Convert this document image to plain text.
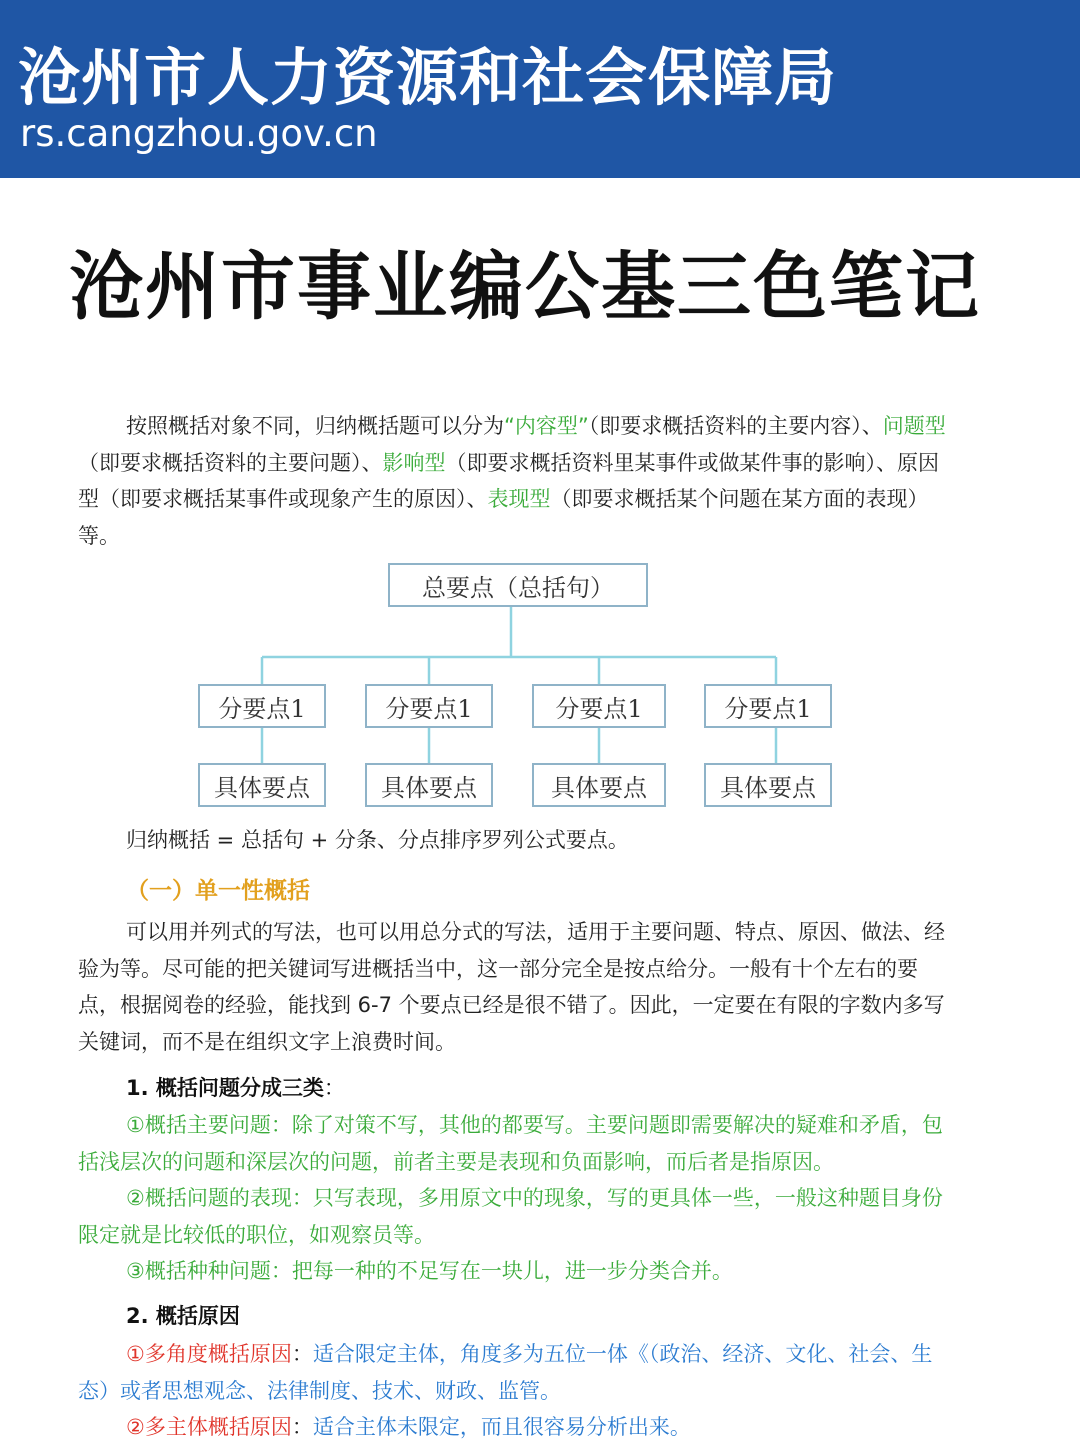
沧州市人力资源和社会保障局
rs.cangzhou.gov.cn
沧州市事业编公基三色笔记
按照概括对象不同，归纳概括题可以分为“内容型”（即要求概括资料的主要内容）、问题型（即要求概括资料的主要问题）、影响型（即要求概括资料里某事件或做某件事的影响）、原因型（即要求概括某事件或现象产生的原因）、表现型（即要求概括某个问题在某方面的表现）等。
总要点（总括句）
分要点1	分要点1	分要点1	分要点1
具体要点	具体要点	具体要点	具体要点
归纳概括 = 总括句 + 分条、分点排序罗列公式要点。
（一）单一性概括
可以用并列式的写法，也可以用总分式的写法，适用于主要问题、特点、原因、做法、经验为等。尽可能的把关键词写进概括当中，这一部分完全是按点给分。一般有十个左右的要点，根据阅卷的经验，能找到 6-7 个要点已经是很不错了。因此，一定要在有限的字数内多写关键词，而不是在组织文字上浪费时间。
1. 概括问题分成三类：
①概括主要问题：除了对策不写，其他的都要写。主要问题即需要解决的疑难和矛盾，包括浅层次的问题和深层次的问题，前者主要是表现和负面影响，而后者是指原因。
②概括问题的表现：只写表现，多用原文中的现象，写的更具体一些，一般这种题目身份限定就是比较低的职位，如观察员等。
③概括种种问题：把每一种的不足写在一块儿，进一步分类合并。
2. 概括原因
①多角度概括原因：适合限定主体，角度多为五位一体《（政治、经济、文化、社会、生态）或者思想观念、法律制度、技术、财政、监管。
②多主体概括原因：适合主体未限定，而且很容易分析出来。
